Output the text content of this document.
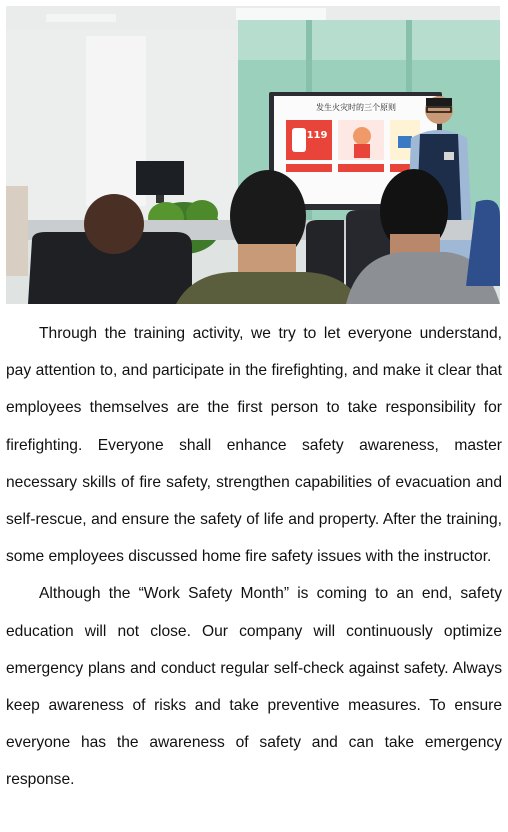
发生火灾时的三个原则
119

Through the training activity, we try to let everyone understand, pay attention to, and participate in the firefighting, and make it clear that employees themselves are the first person to take responsibility for firefighting. Everyone shall enhance safety awareness, master necessary skills of fire safety, strengthen capabilities of evacuation and self-rescue, and ensure the safety of life and property. After the training, some employees discussed home fire safety issues with the instructor.

Although the “Work Safety Month” is coming to an end, safety education will not close. Our company will continuously optimize emergency plans and conduct regular self-check against safety. Always keep awareness of risks and take preventive measures. To ensure everyone has the awareness of safety and can take emergency response.
